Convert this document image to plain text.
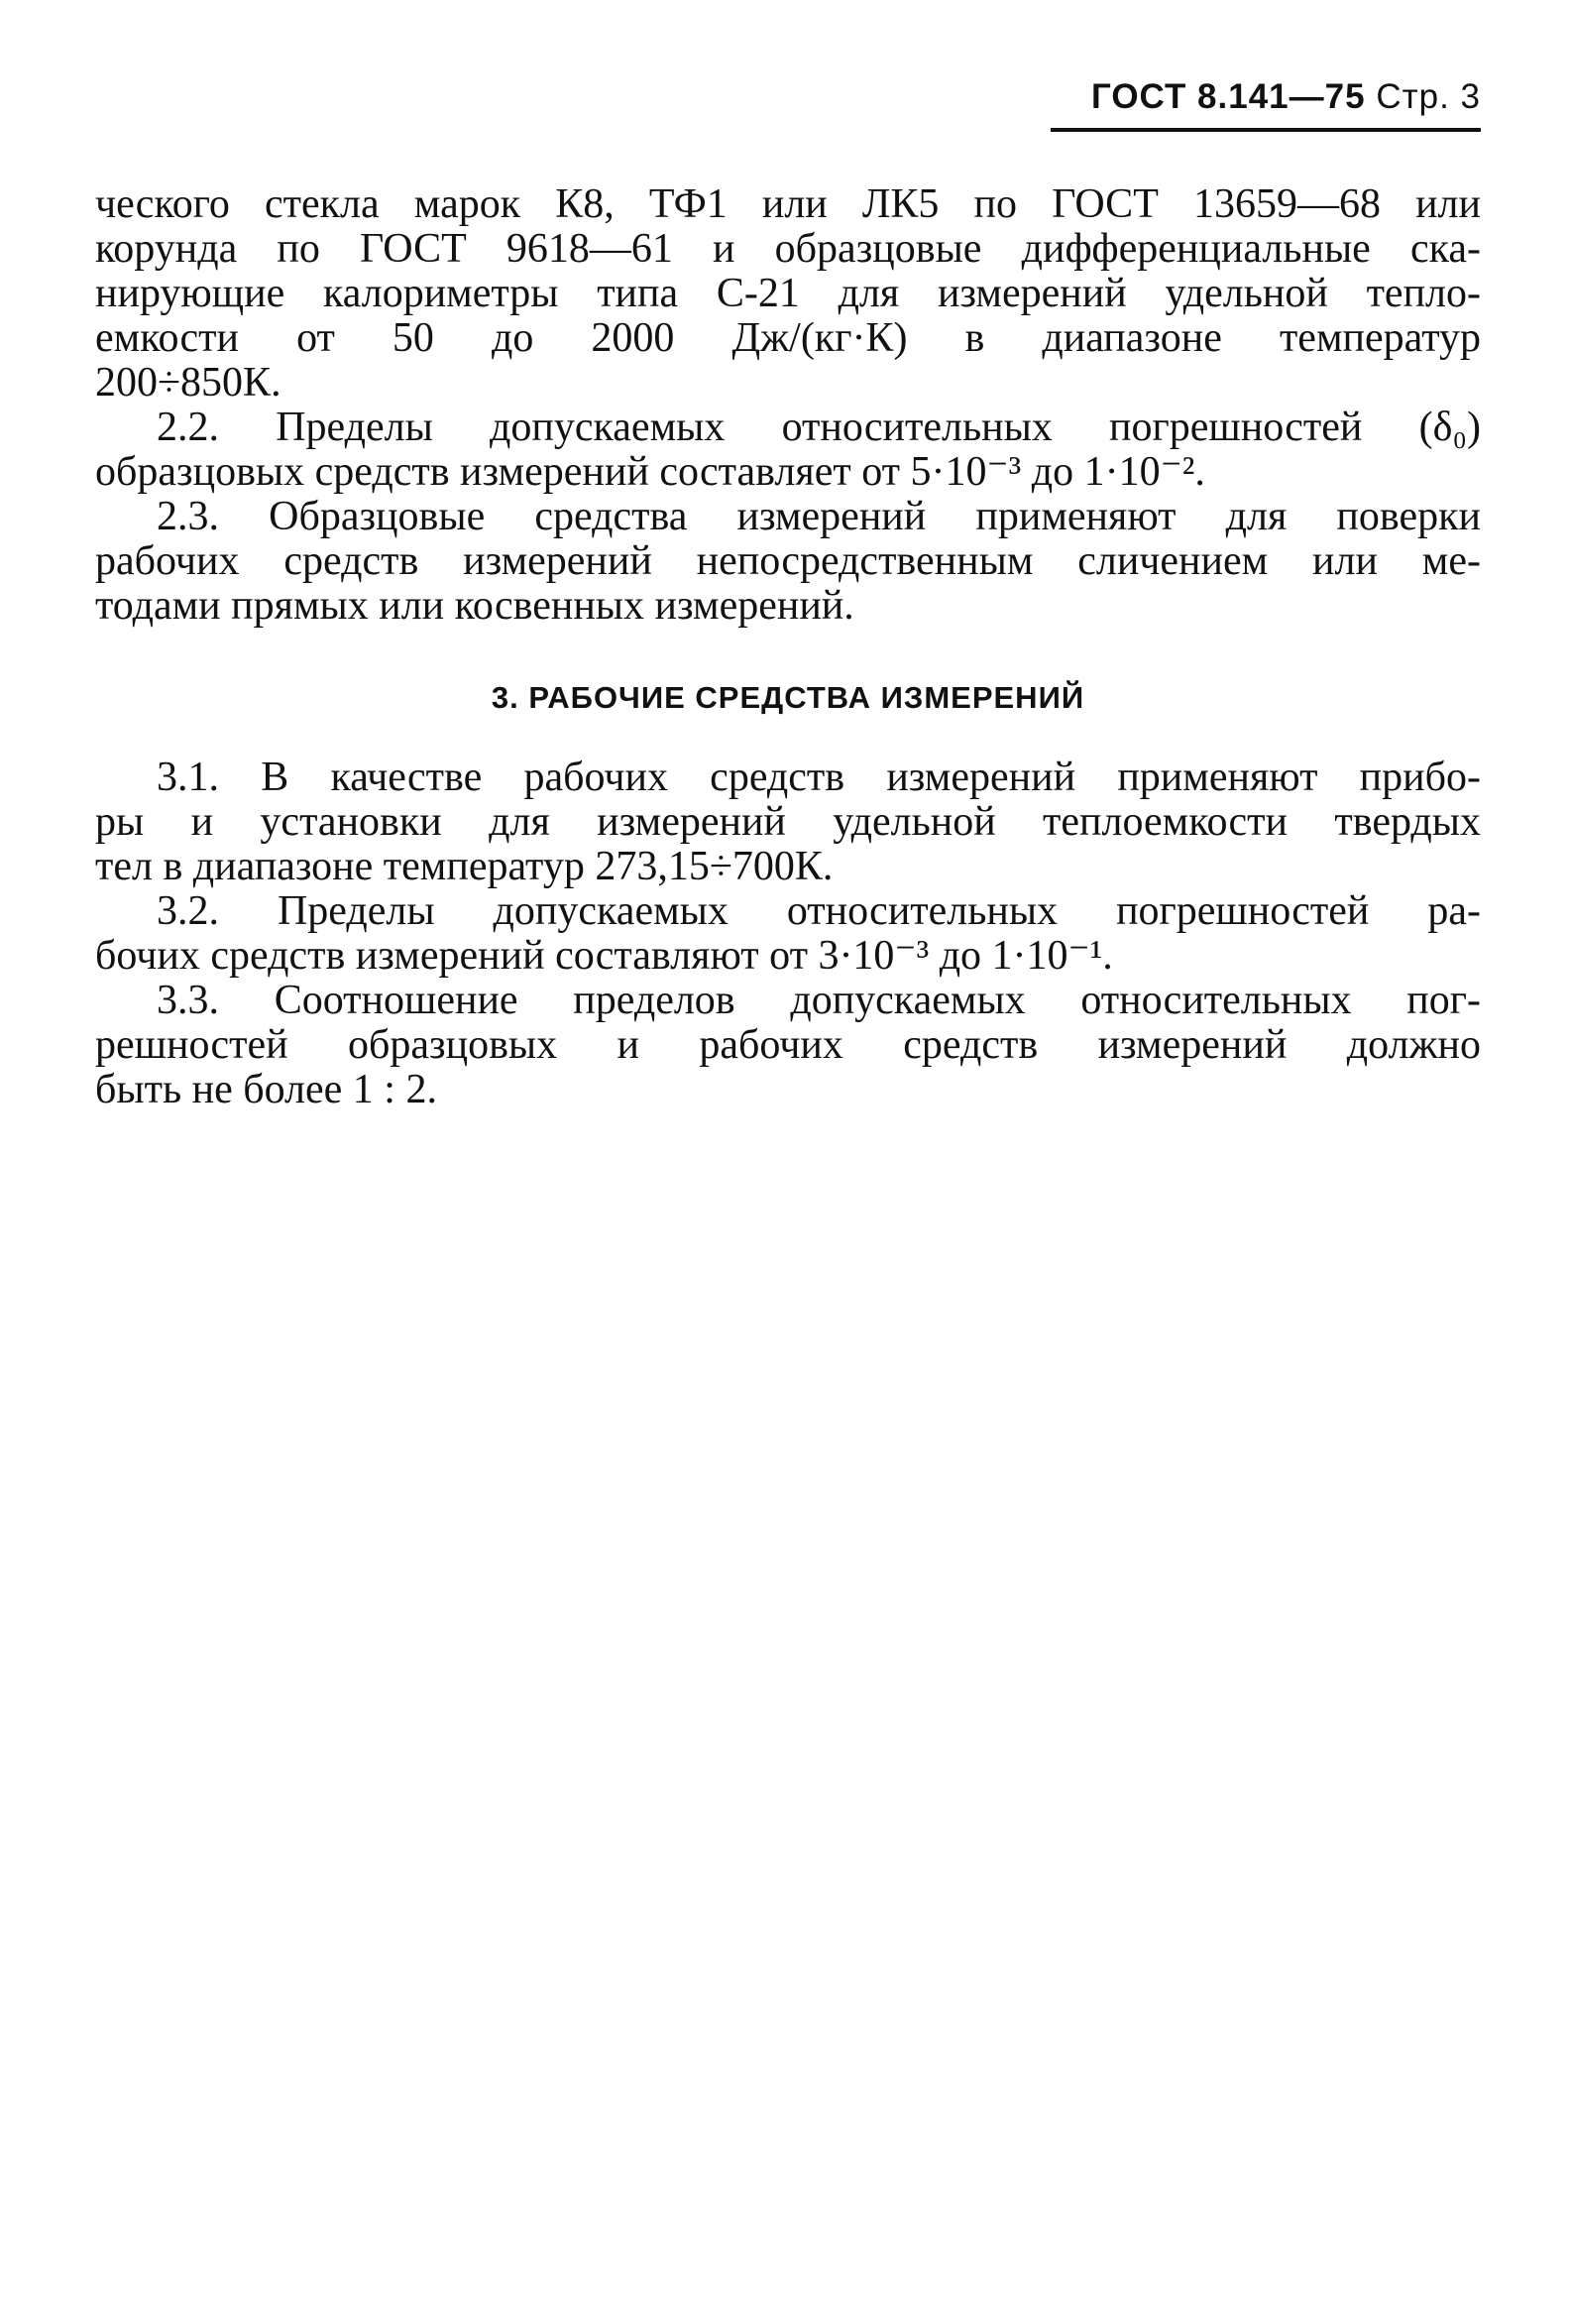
ГОСТ 8.141—75 Стр. 3
ческого стекла марок К8, ТФ1 или ЛК5 по ГОСТ 13659—68 или
корунда по ГОСТ 9618—61 и образцовые дифференциальные ска-
нирующие калориметры типа С-21 для измерений удельной тепло-
емкости от 50 до 2000 Дж/(кг·К) в диапазоне температур
200÷850К.
2.2. Пределы допускаемых относительных погрешностей (δ₀)
образцовых средств измерений составляет от 5·10⁻³ до 1·10⁻².
2.3. Образцовые средства измерений применяют для поверки
рабочих средств измерений непосредственным сличением или ме-
тодами прямых или косвенных измерений.
3. РАБОЧИЕ СРЕДСТВА ИЗМЕРЕНИЙ
3.1. В качестве рабочих средств измерений применяют прибо-
ры и установки для измерений удельной теплоемкости твердых
тел в диапазоне температур 273,15÷700К.
3.2. Пределы допускаемых относительных погрешностей ра-
бочих средств измерений составляют от 3·10⁻³ до 1·10⁻¹.
3.3. Соотношение пределов допускаемых относительных пог-
решностей образцовых и рабочих средств измерений должно
быть не более 1 : 2.
